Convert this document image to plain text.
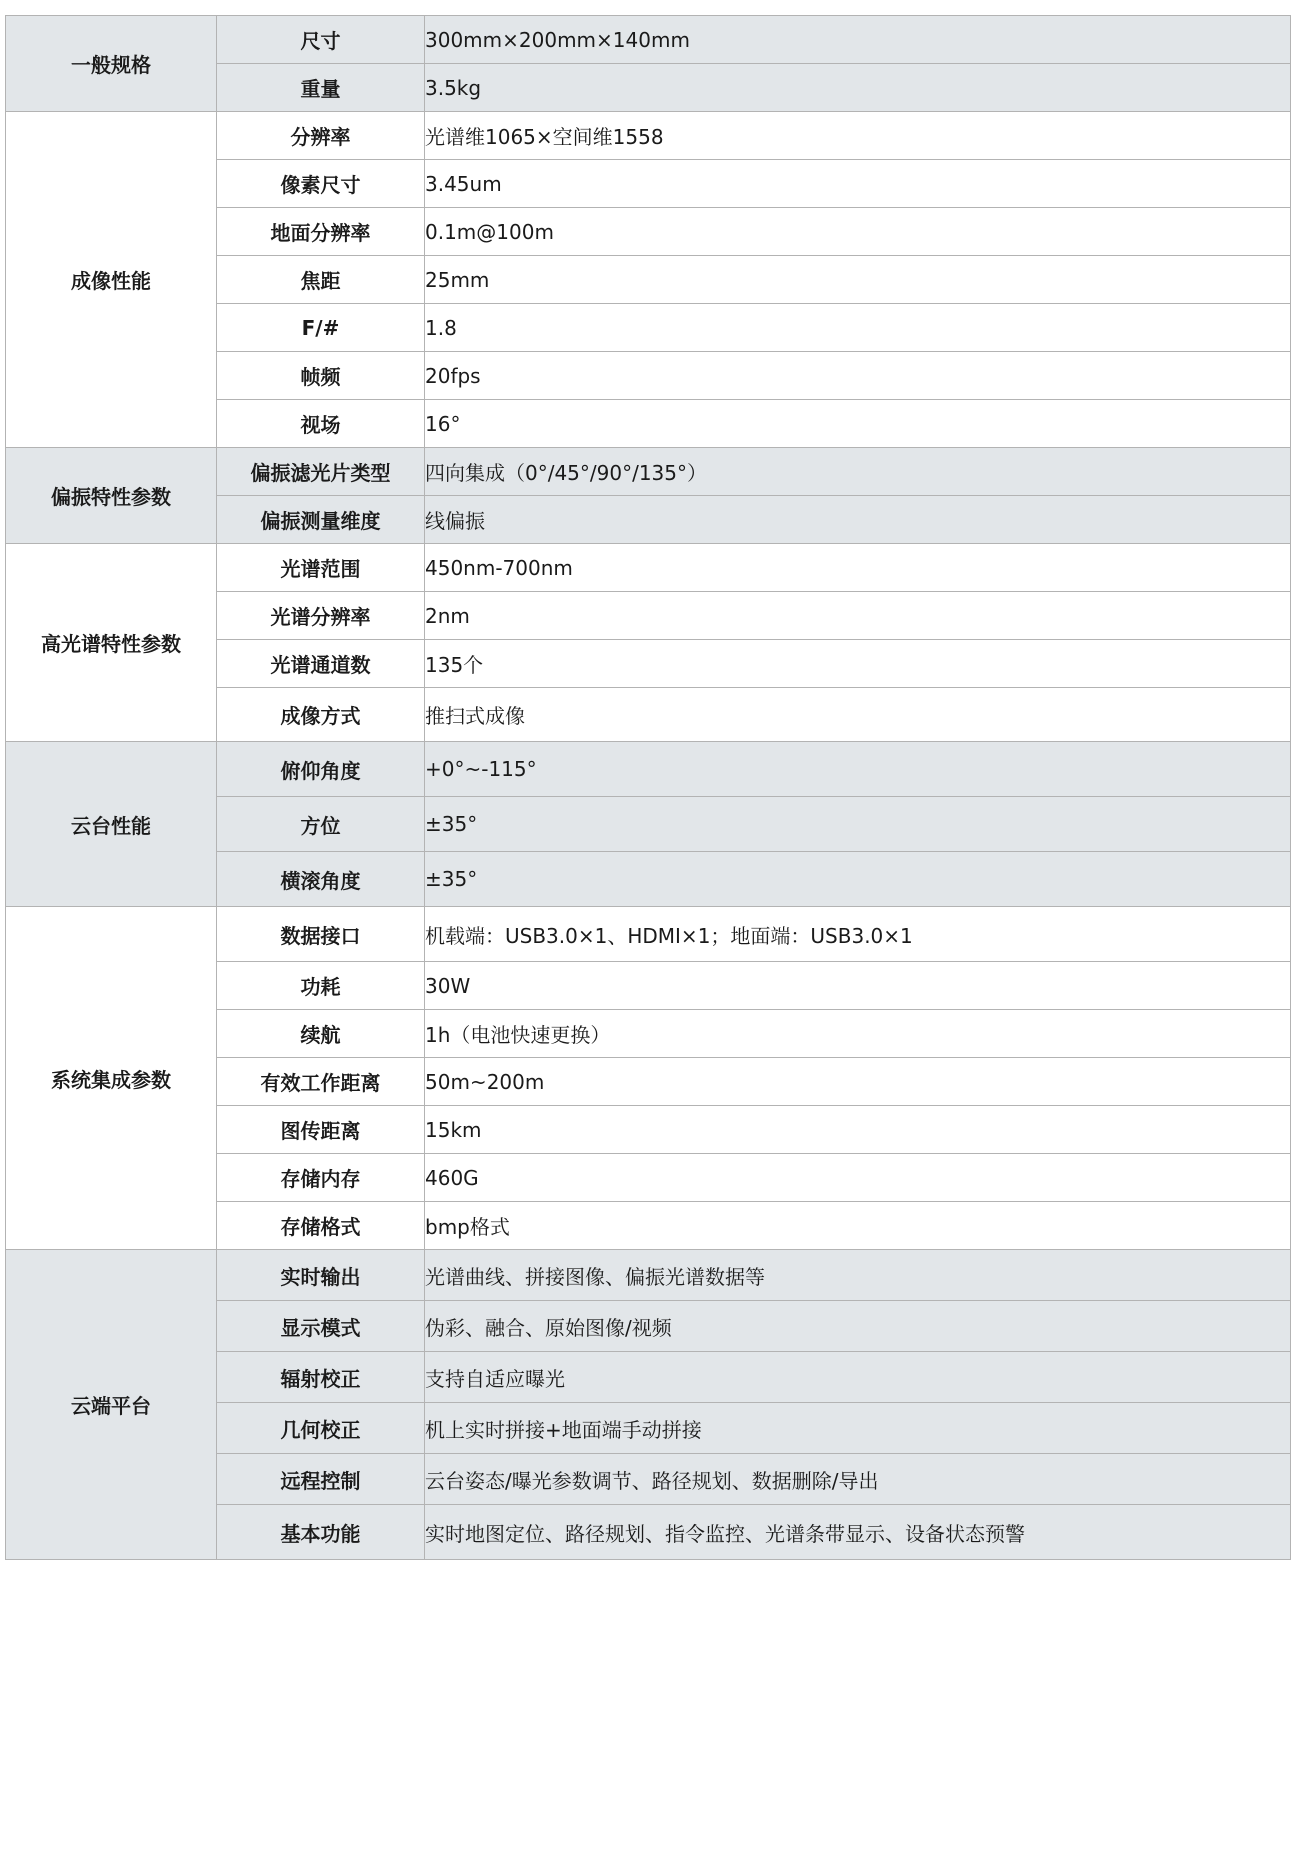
一般规格	尺寸	300mm×200mm×140mm
	重量	3.5kg
成像性能	分辨率	光谱维1065×空间维1558
	像素尺寸	3.45um
	地面分辨率	0.1m@100m
	焦距	25mm
	F/#	1.8
	帧频	20fps
	视场	16°
偏振特性参数	偏振滤光片类型	四向集成（0°/45°/90°/135°）
	偏振测量维度	线偏振
高光谱特性参数	光谱范围	450nm-700nm
	光谱分辨率	2nm
	光谱通道数	135个
	成像方式	推扫式成像
云台性能	俯仰角度	+0°~-115°
	方位	±35°
	横滚角度	±35°
系统集成参数	数据接口	机载端：USB3.0×1、HDMI×1；地面端：USB3.0×1
	功耗	30W
	续航	1h（电池快速更换）
	有效工作距离	50m~200m
	图传距离	15km
	存储内存	460G
	存储格式	bmp格式
云端平台	实时输出	光谱曲线、拼接图像、偏振光谱数据等
	显示模式	伪彩、融合、原始图像/视频
	辐射校正	支持自适应曝光
	几何校正	机上实时拼接+地面端手动拼接
	远程控制	云台姿态/曝光参数调节、路径规划、数据删除/导出
	基本功能	实时地图定位、路径规划、指令监控、光谱条带显示、设备状态预警
